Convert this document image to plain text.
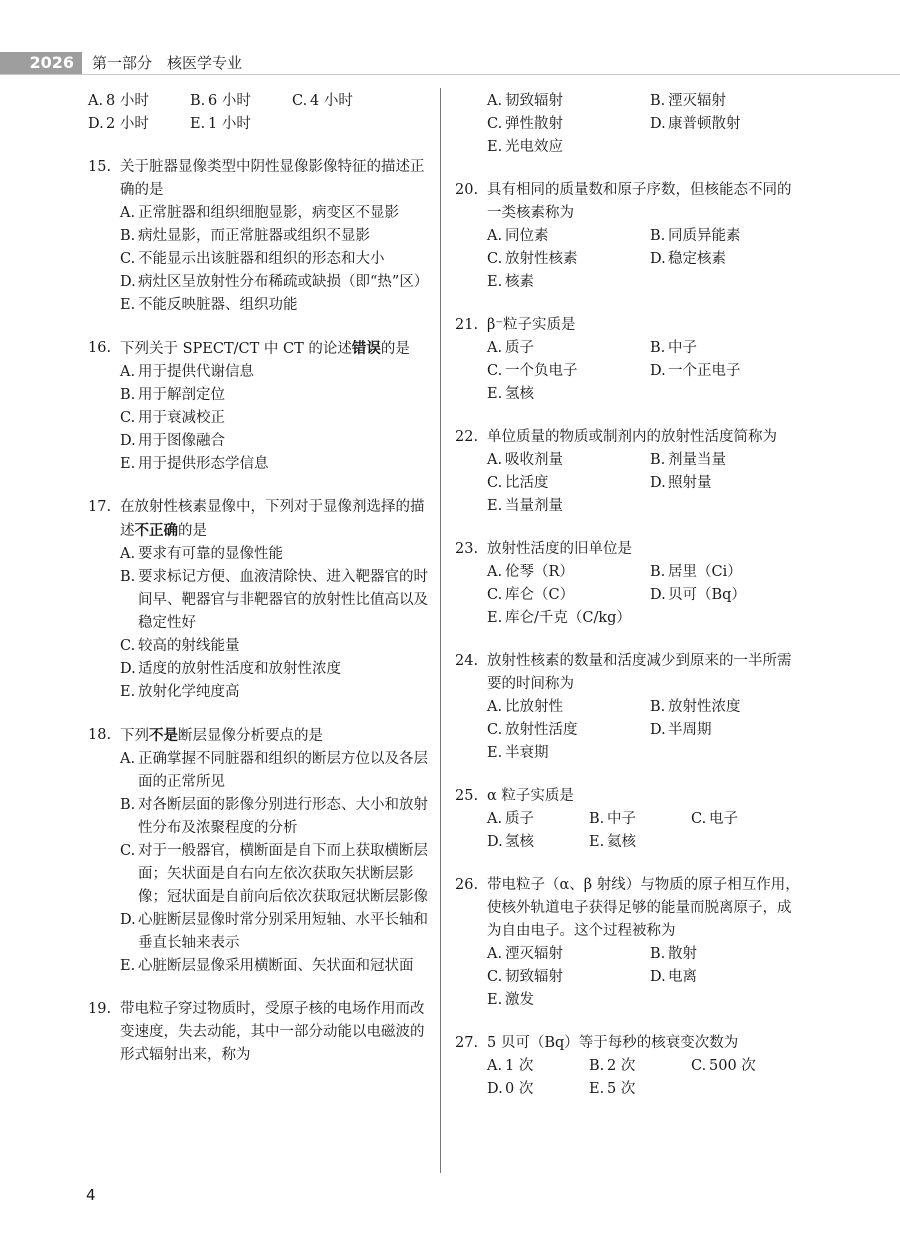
2026	第一部分　核医学专业
A. 8 小时	B. 6 小时	C. 4 小时
D. 2 小时	E. 1 小时
15. 关于脏器显像类型中阴性显像影像特征的描述正确的是
A. 正常脏器和组织细胞显影，病变区不显影
B. 病灶显影，而正常脏器或组织不显影
C. 不能显示出该脏器和组织的形态和大小
D. 病灶区呈放射性分布稀疏或缺损（即“热”区）
E. 不能反映脏器、组织功能
16. 下列关于 SPECT/CT 中 CT 的论述错误的是
A. 用于提供代谢信息
B. 用于解剖定位
C. 用于衰减校正
D. 用于图像融合
E. 用于提供形态学信息
17. 在放射性核素显像中，下列对于显像剂选择的描述不正确的是
A. 要求有可靠的显像性能
B. 要求标记方便、血液清除快、进入靶器官的时间早、靶器官与非靶器官的放射性比值高以及稳定性好
C. 较高的射线能量
D. 适度的放射性活度和放射性浓度
E. 放射化学纯度高
18. 下列不是断层显像分析要点的是
A. 正确掌握不同脏器和组织的断层方位以及各层面的正常所见
B. 对各断层面的影像分别进行形态、大小和放射性分布及浓聚程度的分析
C. 对于一般器官，横断面是自下而上获取横断层面；矢状面是自右向左依次获取矢状断层影像；冠状面是自前向后依次获取冠状断层影像
D. 心脏断层显像时常分别采用短轴、水平长轴和垂直长轴来表示
E. 心脏断层显像采用横断面、矢状面和冠状面
19. 带电粒子穿过物质时，受原子核的电场作用而改变速度，失去动能，其中一部分动能以电磁波的形式辐射出来，称为
A. 韧致辐射	B. 湮灭辐射
C. 弹性散射	D. 康普顿散射
E. 光电效应
20. 具有相同的质量数和原子序数，但核能态不同的一类核素称为
A. 同位素	B. 同质异能素
C. 放射性核素	D. 稳定核素
E. 核素
21. β⁻粒子实质是
A. 质子	B. 中子
C. 一个负电子	D. 一个正电子
E. 氢核
22. 单位质量的物质或制剂内的放射性活度简称为
A. 吸收剂量	B. 剂量当量
C. 比活度	D. 照射量
E. 当量剂量
23. 放射性活度的旧单位是
A. 伦琴（R）	B. 居里（Ci）
C. 库仑（C）	D. 贝可（Bq）
E. 库仑/千克（C/kg）
24. 放射性核素的数量和活度减少到原来的一半所需要的时间称为
A. 比放射性	B. 放射性浓度
C. 放射性活度	D. 半周期
E. 半衰期
25. α 粒子实质是
A. 质子	B. 中子	C. 电子
D. 氢核	E. 氦核
26. 带电粒子（α、β 射线）与物质的原子相互作用，使核外轨道电子获得足够的能量而脱离原子，成为自由电子。这个过程被称为
A. 湮灭辐射	B. 散射
C. 韧致辐射	D. 电离
E. 激发
27. 5 贝可（Bq）等于每秒的核衰变次数为
A. 1 次	B. 2 次	C. 500 次
D. 0 次	E. 5 次
4
